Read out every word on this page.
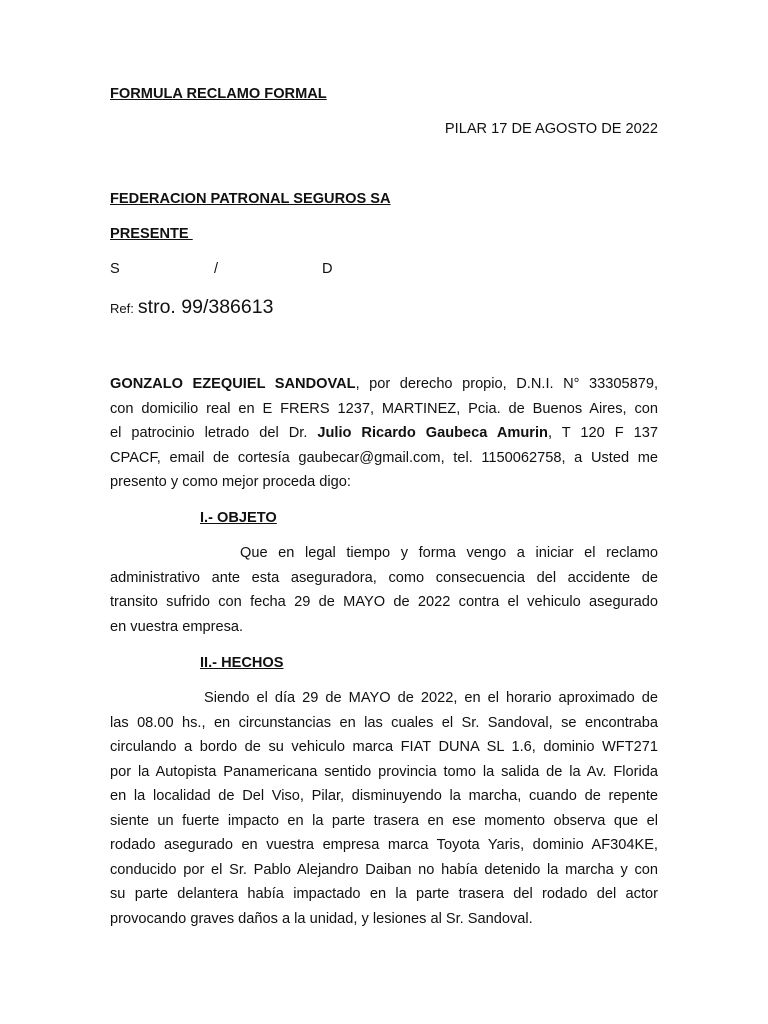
FORMULA RECLAMO FORMAL
PILAR 17 DE AGOSTO DE 2022
FEDERACION PATRONAL SEGUROS SA
PRESENTE
S	/	D
Ref: stro. 99/386613
GONZALO EZEQUIEL SANDOVAL, por derecho propio, D.N.I. N° 33305879,
con domicilio real en E FRERS 1237, MARTINEZ, Pcia. de Buenos Aires, con
el patrocinio letrado del Dr. Julio Ricardo Gaubeca Amurin, T 120 F 137
CPACF, email de cortesía gaubecar@gmail.com, tel. 1150062758, a Usted me
presento y como mejor proceda digo:
I.- OBJETO
Que en legal tiempo y forma vengo a iniciar el reclamo
administrativo ante esta aseguradora, como consecuencia del accidente de
transito sufrido con fecha 29 de MAYO de 2022 contra el vehiculo asegurado
en vuestra empresa.
II.- HECHOS
Siendo el día 29 de MAYO de 2022, en el horario aproximado de
las 08.00 hs., en circunstancias en las cuales el Sr. Sandoval, se encontraba
circulando a bordo de su vehiculo marca FIAT DUNA SL 1.6, dominio WFT271
por la Autopista Panamericana sentido provincia tomo la salida de la Av. Florida
en la localidad de Del Viso, Pilar, disminuyendo la marcha, cuando de repente
siente un fuerte impacto en la parte trasera en ese momento observa que el
rodado asegurado en vuestra empresa marca Toyota Yaris, dominio AF304KE,
conducido por el Sr. Pablo Alejandro Daiban no había detenido la marcha y con
su parte delantera había impactado en la parte trasera del rodado del actor
provocando graves daños a la unidad, y lesiones al Sr. Sandoval.
